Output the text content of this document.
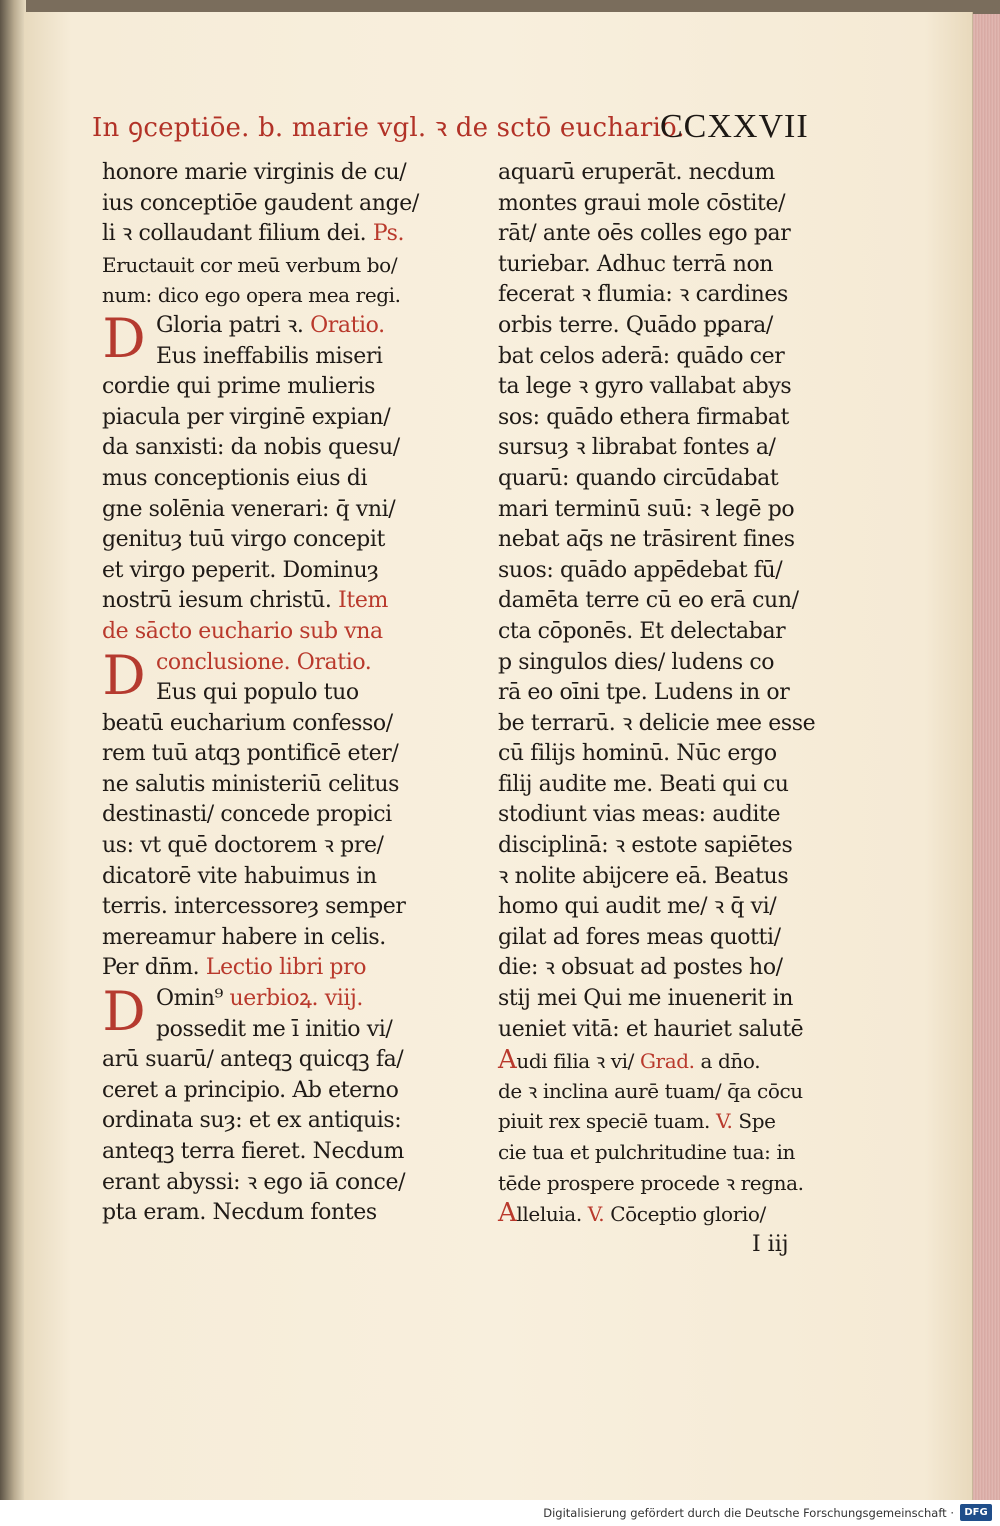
In ꝯceptiōe. b. marie vgl. ꝛ de sctō euchario.
CCXXVII
honore marie virginis de cu/
ius conceptiōe gaudent ange/
li ꝛ collaudant filium dei. Ps.
Eructauit cor meū verbum bo/
num: dico ego opera mea regi.
D Gloria patri ꝛ. Oratio.
Eus ineffabilis miseri
cordie qui prime mulieris
piacula per virginē expian/
da sanxisti: da nobis quesu/
mus conceptionis eius di
gne solēnia venerari: q̄ vni/
genituȝ tuū virgo concepit
et virgo peperit. Dominuȝ
nostrū iesum christū. Item
de sācto euchario sub vna
D conclusione. Oratio.
Eus qui populo tuo
beatū eucharium confesso/
rem tuū atqꝫ pontificē eter/
ne salutis ministeriū celitus
destinasti/ concede propici
us: vt quē doctorem ꝛ pre/
dicatorē vite habuimus in
terris. intercessoreȝ semper
mereamur habere in celis.
Per dn̄m. Lectio libri pro
D Omin⁹ uerbioꝝ. viij.
possedit me ī initio vi/
arū suarū/ anteqꝫ quicqꝫ fa/
ceret a principio. Ab eterno
ordinata suȝ: et ex antiquis:
anteqꝫ terra fieret. Necdum
erant abyssi: ꝛ ego iā conce/
pta eram. Necdum fontes
aquarū eruperāt. necdum
montes graui mole cōstite/
rāt/ ante oēs colles ego par
turiebar. Adhuc terrā non
fecerat ꝛ flumia: ꝛ cardines
orbis terre. Quādo pꝑara/
bat celos aderā: quādo cer
ta lege ꝛ gyro vallabat abys
sos: quādo ethera firmabat
sursuȝ ꝛ librabat fontes a/
quarū: quando circūdabat
mari terminū suū: ꝛ legē po
nebat aq̄s ne trāsirent fines
suos: quādo appēdebat fū/
damēta terre cū eo erā cun/
cta cōponēs. Et delectabar
p singulos dies/ ludens co
rā eo oīni tpe. Ludens in or
be terrarū. ꝛ delicie mee esse
cū filijs hominū. Nūc ergo
filij audite me. Beati qui cu
stodiunt vias meas: audite
disciplinā: ꝛ estote sapiētes
ꝛ nolite abijcere eā. Beatus
homo qui audit me/ ꝛ q̄ vi/
gilat ad fores meas quotti/
die: ꝛ obsuat ad postes ho/
stij mei Qui me inuenerit in
ueniet vitā: et hauriet salutē
Audi filia ꝛ vi/ Grad. a dn̄o.
de ꝛ inclina aurē tuam/ q̄a cōcu
piuit rex speciē tuam. V. Spe
cie tua et pulchritudine tua: in
tēde prospere procede ꝛ regna.
Alleluia. V. Cōceptio glorio/
I iij
Digitalisierung gefördert durch die Deutsche Forschungsgemeinschaft ·	DFG
